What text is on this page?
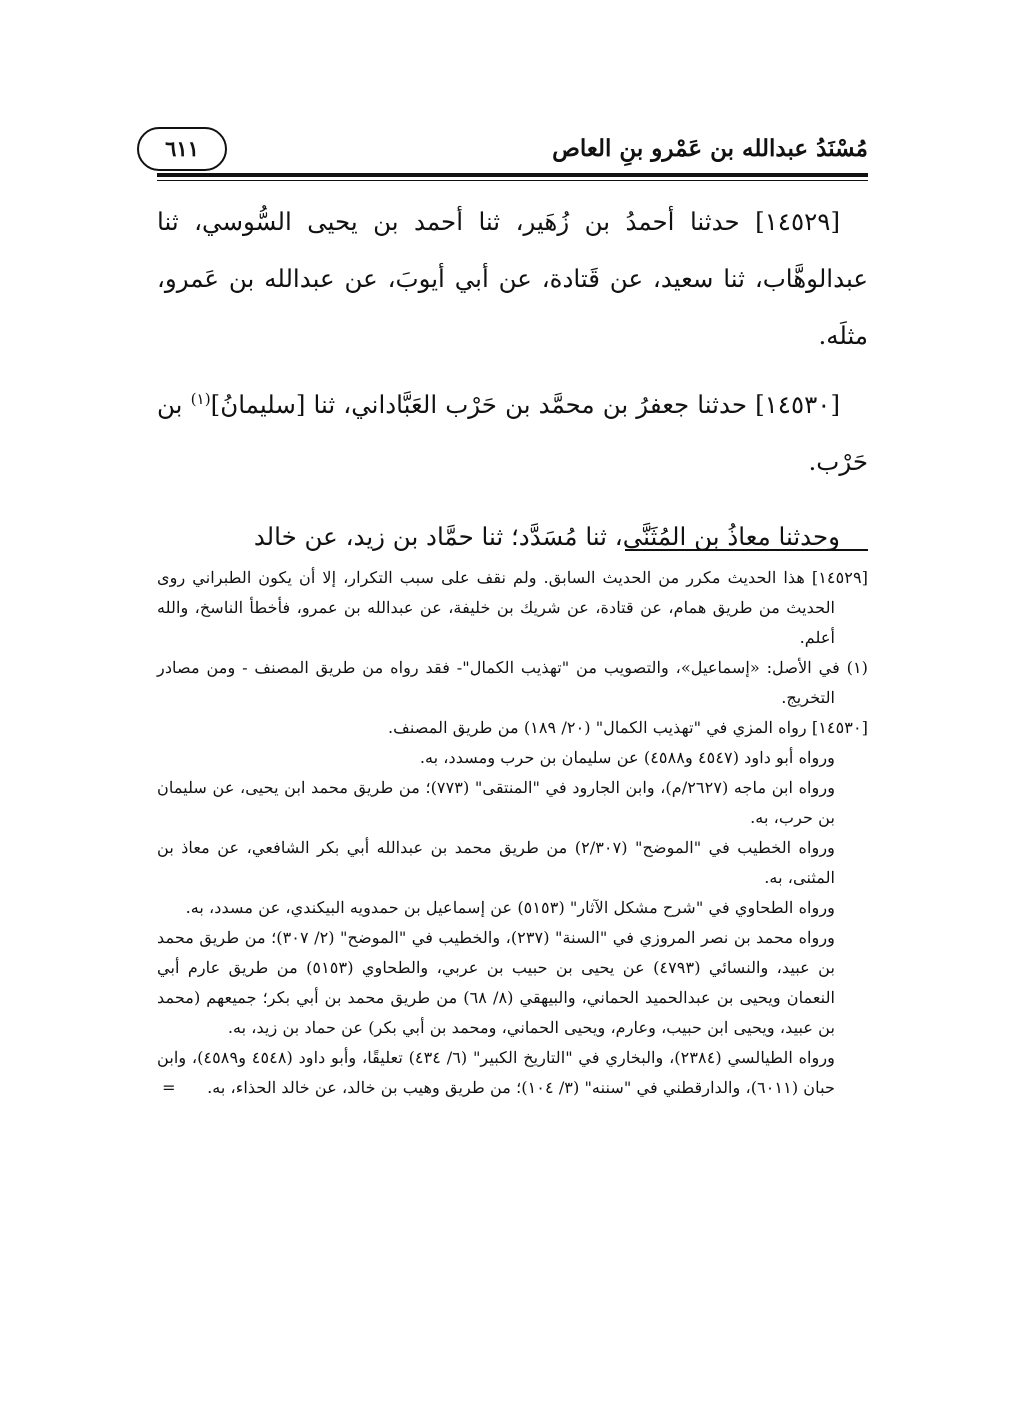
مُسْنَدُ عبدالله بن عَمْرو بنِ العاص
٦١١

[١٤٥٢٩] حدثنا أحمدُ بن زُهَير، ثنا أحمد بن يحيى السُّوسي، ثنا عبدالوهَّاب، ثنا سعيد، عن قَتادة، عن أبي أيوبَ، عن عبدالله بن عَمرو، مثلَه.

[١٤٥٣٠] حدثنا جعفرُ بن محمَّد بن حَرْب العَبَّاداني، ثنا [سليمانُ]$^{(١)}$ بن حَرْب.

وحدثنا معاذُ بن المُثَنَّى، ثنا مُسَدَّد؛ ثنا حمَّاد بن زيد، عن خالد

[١٤٥٢٩] هذا الحديث مكرر من الحديث السابق. ولم نقف على سبب التكرار، إلا أن يكون الطبراني روى الحديث من طريق همام، عن قتادة، عن شريك بن خليفة، عن عبدالله بن عمرو، فأخطأ الناسخ، والله أعلم.

(١) في الأصل: «إسماعيل»، والتصويب من "تهذيب الكمال"- فقد رواه من طريق المصنف - ومن مصادر التخريج.

[١٤٥٣٠] رواه المزي في "تهذيب الكمال" (٢٠/ ١٨٩) من طريق المصنف.

ورواه أبو داود (٤٥٤٧ و٤٥٨٨) عن سليمان بن حرب ومسدد، به.

ورواه ابن ماجه (٢٦٢٧/م)، وابن الجارود في "المنتقى" (٧٧٣)؛ من طريق محمد ابن يحيى، عن سليمان بن حرب، به.

ورواه الخطيب في "الموضح" (٢/٣٠٧) من طريق محمد بن عبدالله أبي بكر الشافعي، عن معاذ بن المثنى، به.

ورواه الطحاوي في "شرح مشكل الآثار" (٥١٥٣) عن إسماعيل بن حمدويه البيكندي، عن مسدد، به.

ورواه محمد بن نصر المروزي في "السنة" (٢٣٧)، والخطيب في "الموضح" (٢/ ٣٠٧)؛ من طريق محمد بن عبيد، والنسائي (٤٧٩٣) عن يحيى بن حبيب بن عربي، والطحاوي (٥١٥٣) من طريق عارم أبي النعمان ويحيى بن عبدالحميد الحماني، والبيهقي (٨/ ٦٨) من طريق محمد بن أبي بكر؛ جميعهم (محمد بن عبيد، ويحيى ابن حبيب، وعارم، ويحيى الحماني، ومحمد بن أبي بكر) عن حماد بن زيد، به.

ورواه الطيالسي (٢٣٨٤)، والبخاري في "التاريخ الكبير" (٦/ ٤٣٤) تعليقًا، وأبو داود (٤٥٤٨ و٤٥٨٩)، وابن حبان (٦٠١١)، والدارقطني في "سننه" (٣/ ١٠٤)؛ من طريق وهيب بن خالد، عن خالد الحذاء، به.
=
